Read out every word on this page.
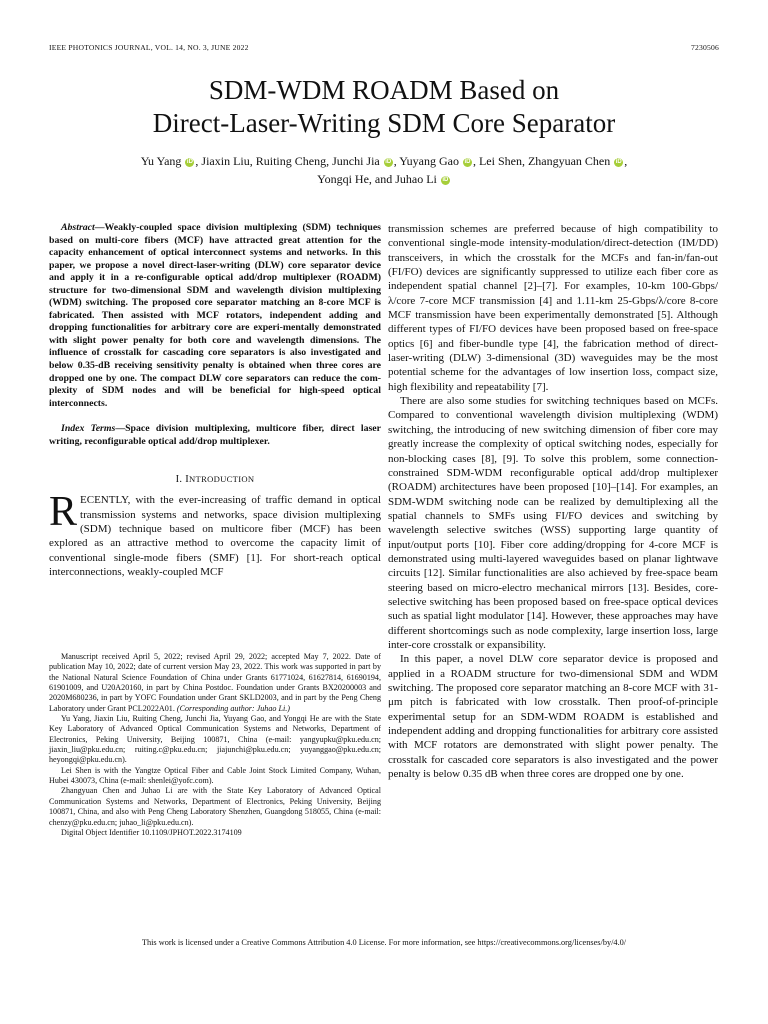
IEEE PHOTONICS JOURNAL, VOL. 14, NO. 3, JUNE 2022	7230506
SDM-WDM ROADM Based on
Direct-Laser-Writing SDM Core Separator
Yu Yang iD , Jiaxin Liu, Ruiting Cheng, Junchi Jia iD , Yuyang Gao iD , Lei Shen, Zhangyuan Chen iD ,
Yongqi He, and Juhao Li iD

Abstract—Weakly-coupled space division multiplexing (SDM) techniques based on multi-core fibers (MCF) have attracted great attention for the capacity enhancement of optical interconnect systems and networks. In this paper, we propose a novel direct-laser-writing (DLW) core separator device and apply it in a re-configurable optical add/drop multiplexer (ROADM) structure for two-dimensional SDM and wavelength division multiplexing (WDM) switching. The proposed core separator matching an 8-core MCF is fabricated. Then assisted with MCF rotators, independent adding and dropping functionalities for arbitrary core are experi-mentally demonstrated with slight power penalty for both core and wavelength dimensions. The influence of crosstalk for cascading core separators is also investigated and below 0.35-dB receiving sensitivity penalty is obtained when three cores are dropped one by one. The compact DLW core separators can reduce the com-plexity of SDM nodes and will be beneficial for high-speed optical interconnects.

Index Terms—Space division multiplexing, multicore fiber, direct laser writing, reconfigurable optical add/drop multiplexer.

I. INTRODUCTION

RECENTLY, with the ever-increasing of traffic demand in optical transmission systems and networks, space division multiplexing (SDM) technique based on multicore fiber (MCF) has been explored as an attractive method to overcome the capacity limit of conventional single-mode fibers (SMF) [1]. For short-reach optical interconnections, weakly-coupled MCF

Manuscript received April 5, 2022; revised April 29, 2022; accepted May 7, 2022. Date of publication May 10, 2022; date of current version May 23, 2022. This work was supported in part by the National Natural Science Foundation of China under Grants 61771024, 61627814, 61690194, 61901009, and U20A20160, in part by China Postdoc. Foundation under Grants BX20200003 and 2020M680236, in part by YOFC Foundation under Grant SKLD2003, and in part by the Peng Cheng Laboratory under Grant PCL2022A01. (Corresponding author: Juhao Li.)

Yu Yang, Jiaxin Liu, Ruiting Cheng, Junchi Jia, Yuyang Gao, and Yongqi He are with the State Key Laboratory of Advanced Optical Communication Systems and Networks, Department of Electronics, Peking University, Beijing 100871, China (e-mail: yangyupku@pku.edu.cn; jiaxin_liu@pku.edu.cn; ruiting.c@pku.edu.cn; jiajunchi@pku.edu.cn; yuyanggao@pku.edu.cn; heyongqi@pku.edu.cn).

Lei Shen is with the Yangtze Optical Fiber and Cable Joint Stock Limited Company, Wuhan, Hubei 430073, China (e-mail: shenlei@yofc.com).

Zhangyuan Chen and Juhao Li are with the State Key Laboratory of Advanced Optical Communication Systems and Networks, Department of Electronics, Peking University, Beijing 100871, China, and also with Peng Cheng Laboratory Shenzhen, Guangdong 518055, China (e-mail: chenzy@pku.edu.cn; juhao_li@pku.edu.cn).

Digital Object Identifier 10.1109/JPHOT.2022.3174109

transmission schemes are preferred because of high compatibility to conventional single-mode intensity-modulation/direct-detection (IM/DD) transceivers, in which the crosstalk for the MCFs and fan-in/fan-out (FI/FO) devices are significantly suppressed to utilize each fiber core as independent spatial channel [2]–[7]. For examples, 10-km 100-Gbps/λ/core 7-core MCF transmission [4] and 1.11-km 25-Gbps/λ/core 8-core MCF transmission have been experimentally demonstrated [5]. Although different types of FI/FO devices have been proposed based on free-space optics [6] and fiber-bundle type [4], the fabrication method of direct- laser-writing (DLW) 3-dimensional (3D) waveguides may be the most potential scheme for the advantages of low insertion loss, compact size, high flexibility and repeatability [7].

There are also some studies for switching techniques based on MCFs. Compared to conventional wavelength division multiplexing (WDM) switching, the introducing of new switching dimension of fiber core may greatly increase the complexity of optical switching nodes, especially for non-blocking cases [8], [9]. To solve this problem, some connection-constrained SDM-WDM reconfigurable optical add/drop multiplexer (ROADM) architectures have been proposed [10]–[14]. For examples, an SDM-WDM switching node can be realized by demultiplexing all the spatial channels to SMFs using FI/FO devices and switching by wavelength selective switches (WSS) supporting large quantity of input/output ports [10]. Fiber core adding/dropping for 4-core MCF is demonstrated using multi-layered waveguides based on planar lightwave circuits [12]. Similar functionalities are also achieved by free-space beam steering based on micro-electro mechanical mirrors [13]. Besides, core-selective switching has been proposed based on free-space optical devices such as spatial light modulator [14]. However, these approaches may have different shortcomings such as node complexity, large insertion loss, large inter-core crosstalk or expansibility.

In this paper, a novel DLW core separator device is proposed and applied in a ROADM structure for two-dimensional SDM and WDM switching. The proposed core separator matching an 8-core MCF with 31-μm pitch is fabricated with low crosstalk. Then proof-of-principle experimental setup for an SDM-WDM ROADM is established and independent adding and dropping functionalities for arbitrary core assisted with MCF rotators are demonstrated with slight power penalty. The crosstalk for cascaded core separators is also investigated and the power penalty is below 0.35 dB when three cores are dropped one by one.

This work is licensed under a Creative Commons Attribution 4.0 License. For more information, see https://creativecommons.org/licenses/by/4.0/
